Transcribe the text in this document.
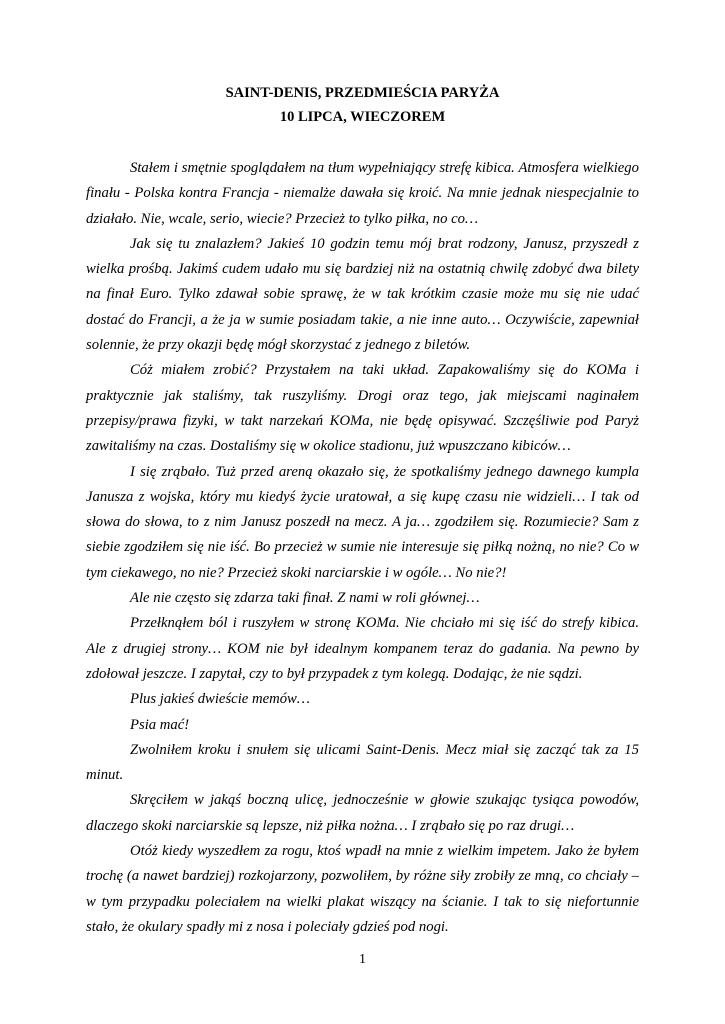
SAINT-DENIS, PRZEDMIEŚCIA PARYŻA
10 LIPCA, WIECZOREM

Stałem i smętnie spoglądałem na tłum wypełniający strefę kibica. Atmosfera wielkiego finału - Polska kontra Francja - niemalże dawała się kroić. Na mnie jednak niespecjalnie to działało. Nie, wcale, serio, wiecie? Przecież to tylko piłka, no co…

Jak się tu znalazłem? Jakieś 10 godzin temu mój brat rodzony, Janusz, przyszedł z wielka prośbą. Jakimś cudem udało mu się bardziej niż na ostatnią chwilę zdobyć dwa bilety na finał Euro. Tylko zdawał sobie sprawę, że w tak krótkim czasie może mu się nie udać dostać do Francji, a że ja w sumie posiadam takie, a nie inne auto… Oczywiście, zapewniał solennie, że przy okazji będę mógł skorzystać z jednego z biletów.

Cóż miałem zrobić? Przystałem na taki układ. Zapakowaliśmy się do KOMa i praktycznie jak staliśmy, tak ruszyliśmy. Drogi oraz tego, jak miejscami naginałem przepisy/prawa fizyki, w takt narzekań KOMa, nie będę opisywać. Szczęśliwie pod Paryż zawitaliśmy na czas. Dostaliśmy się w okolice stadionu, już wpuszczano kibiców…

I się zrąbało. Tuż przed areną okazało się, że spotkaliśmy jednego dawnego kumpla Janusza z wojska, który mu kiedyś życie uratował, a się kupę czasu nie widzieli… I tak od słowa do słowa, to z nim Janusz poszedł na mecz. A ja… zgodziłem się. Rozumiecie? Sam z siebie zgodziłem się nie iść. Bo przecież w sumie nie interesuje się piłką nożną, no nie? Co w tym ciekawego, no nie? Przecież skoki narciarskie i w ogóle… No nie?!

Ale nie często się zdarza taki finał. Z nami w roli głównej…

Przełknąłem ból i ruszyłem w stronę KOMa. Nie chciało mi się iść do strefy kibica. Ale z drugiej strony… KOM nie był idealnym kompanem teraz do gadania. Na pewno by zdołował jeszcze. I zapytał, czy to był przypadek z tym kolegą. Dodając, że nie sądzi.

Plus jakieś dwieście memów…

Psia mać!

Zwolniłem kroku i snułem się ulicami Saint-Denis. Mecz miał się zacząć tak za 15 minut.

Skręciłem w jakąś boczną ulicę, jednocześnie w głowie szukając tysiąca powodów, dlaczego skoki narciarskie są lepsze, niż piłka nożna… I zrąbało się po raz drugi…

Otóż kiedy wyszedłem za rogu, ktoś wpadł na mnie z wielkim impetem. Jako że byłem trochę (a nawet bardziej) rozkojarzony, pozwoliłem, by różne siły zrobiły ze mną, co chciały – w tym przypadku poleciałem na wielki plakat wiszący na ścianie. I tak to się niefortunnie stało, że okulary spadły mi z nosa i poleciały gdzieś pod nogi.

1
